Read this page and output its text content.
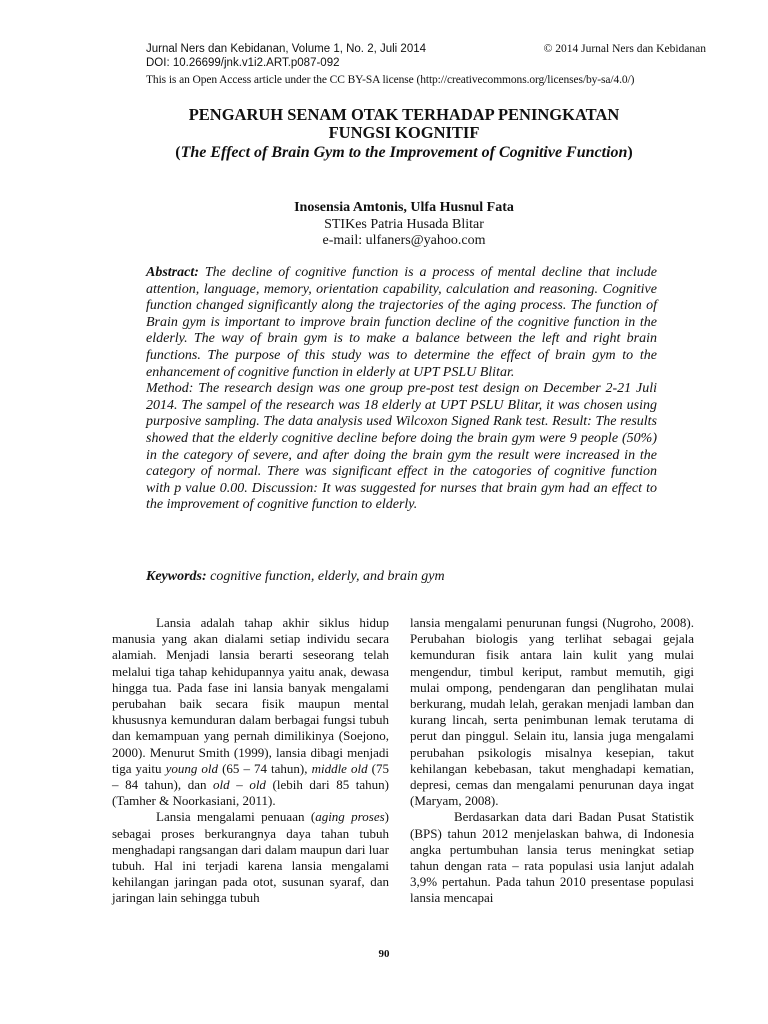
Jurnal Ners dan Kebidanan, Volume 1, No. 2, Juli 2014	© 2014 Jurnal Ners dan Kebidanan
DOI: 10.26699/jnk.v1i2.ART.p087-092
This is an Open Access article under the CC BY-SA license (http://creativecommons.org/licenses/by-sa/4.0/)
PENGARUH SENAM OTAK TERHADAP PENINGKATAN
FUNGSI KOGNITIF
(The Effect of Brain Gym to the Improvement of Cognitive Function)
Inosensia Amtonis, Ulfa Husnul Fata
STIKes Patria Husada Blitar
e-mail: ulfaners@yahoo.com

Abstract: The decline of cognitive function is a process of mental decline that include attention, language, memory, orientation capability, calculation and reasoning. Cognitive function changed significantly along the trajectories of the aging process. The function of Brain gym is important to improve brain function decline of the cognitive function in the elderly. The way of brain gym is to make a balance between the left and right brain functions. The purpose of this study was to determine the effect of brain gym to the enhancement of cognitive function in elderly at UPT PSLU Blitar.

Method: The research design was one group pre-post test design on December 2-21 Juli 2014. The sampel of the research was 18 elderly at UPT PSLU Blitar, it was chosen using purposive sampling. The data analysis used Wilcoxon Signed Rank test. Result: The results showed that the elderly cognitive decline before doing the brain gym were 9 people (50%) in the category of severe, and after doing the brain gym the result were increased in the category of normal. There was significant effect in the catogories of cognitive function with p value 0.00. Discussion: It was suggested for nurses that brain gym had an effect to the improvement of cognitive function to elderly.

Keywords: cognitive function, elderly, and brain gym

Lansia adalah tahap akhir siklus hidup manusia yang akan dialami setiap individu secara alamiah. Menjadi lansia berarti seseorang telah melalui tiga tahap kehidupannya yaitu anak, dewasa hingga tua. Pada fase ini lansia banyak mengalami perubahan baik secara fisik maupun mental khususnya kemunduran dalam berbagai fungsi tubuh dan kemampuan yang pernah dimilikinya (Soejono, 2000). Menurut Smith (1999), lansia dibagi menjadi tiga yaitu young old (65 – 74 tahun), middle old (75 – 84 tahun), dan old – old (lebih dari 85 tahun) (Tamher & Noorkasiani, 2011).

Lansia mengalami penuaan (aging proses) sebagai proses berkurangnya daya tahan tubuh menghadapi rangsangan dari dalam maupun dari luar tubuh. Hal ini terjadi karena lansia mengalami kehilangan jaringan pada otot, susunan syaraf, dan jaringan lain sehingga tubuh

lansia mengalami penurunan fungsi (Nugroho, 2008). Perubahan biologis yang terlihat sebagai gejala kemunduran fisik antara lain kulit yang mulai mengendur, timbul keriput, rambut memutih, gigi mulai ompong, pendengaran dan penglihatan mulai berkurang, mudah lelah, gerakan menjadi lamban dan kurang lincah, serta penimbunan lemak terutama di perut dan pinggul. Selain itu, lansia juga mengalami perubahan psikologis misalnya kesepian, takut kehilangan kebebasan, takut menghadapi kematian, depresi, cemas dan mengalami penurunan daya ingat (Maryam, 2008).

Berdasarkan data dari Badan Pusat Statistik (BPS) tahun 2012 menjelaskan bahwa, di Indonesia angka pertumbuhan lansia terus meningkat setiap tahun dengan rata – rata populasi usia lanjut adalah 3,9% pertahun. Pada tahun 2010 presentase populasi lansia mencapai

90
